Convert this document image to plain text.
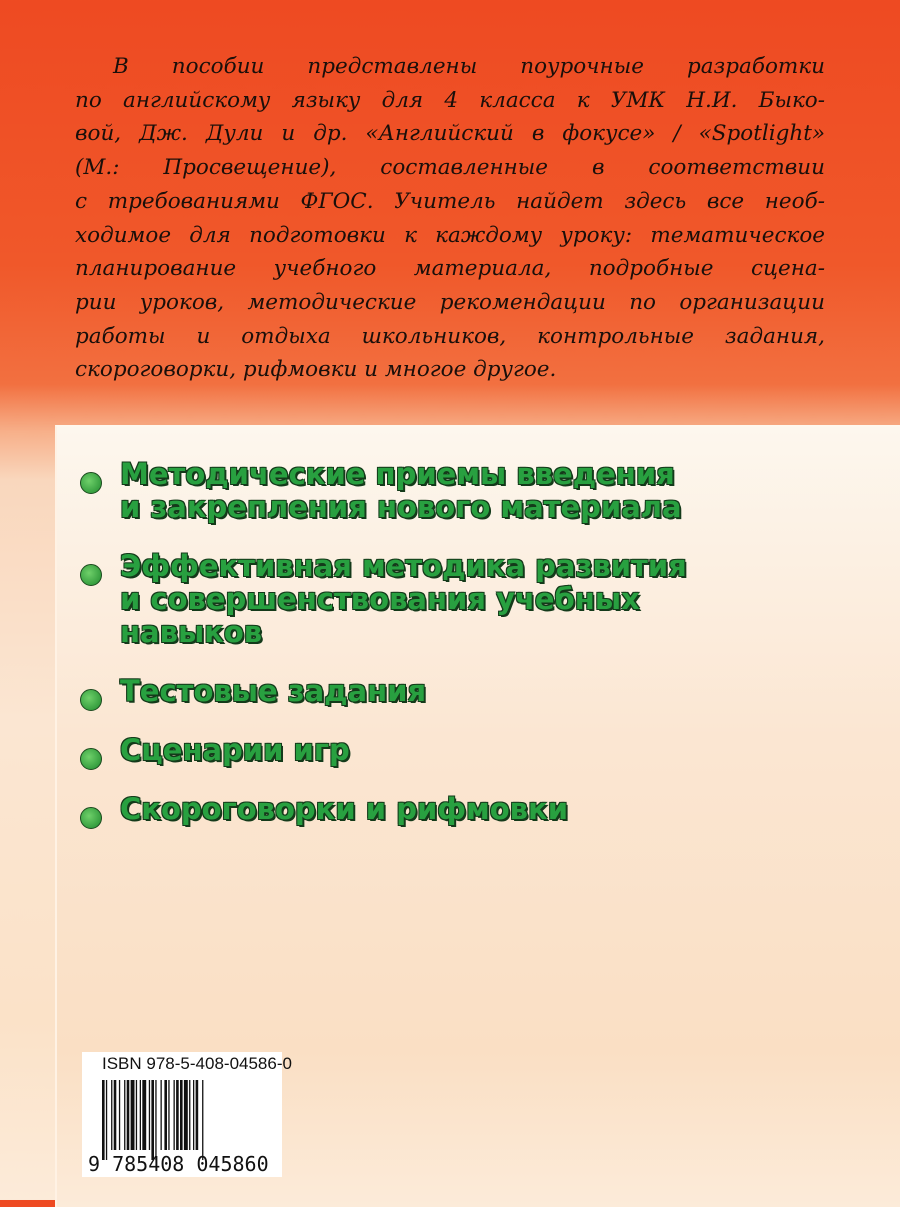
В пособии представлены поурочные разработки
по английскому языку для 4 класса к УМК Н.И. Быко-
вой, Дж. Дули и др. «Английский в фокусе» / «Spotlight»
(М.: Просвещение), составленные в соответствии
с требованиями ФГОС. Учитель найдет здесь все необ-
ходимое для подготовки к каждому уроку: тематическое
планирование учебного материала, подробные сцена-
рии уроков, методические рекомендации по организации
работы и отдыха школьников, контрольные задания,
скороговорки, рифмовки и многое другое.
Методические приемы введения
и закрепления нового материала
Эффективная методика развития
и совершенствования учебных
навыков
Тестовые задания
Сценарии игр
Скороговорки и рифмовки
ISBN 978-5-408-04586-0
9 785408 045860
